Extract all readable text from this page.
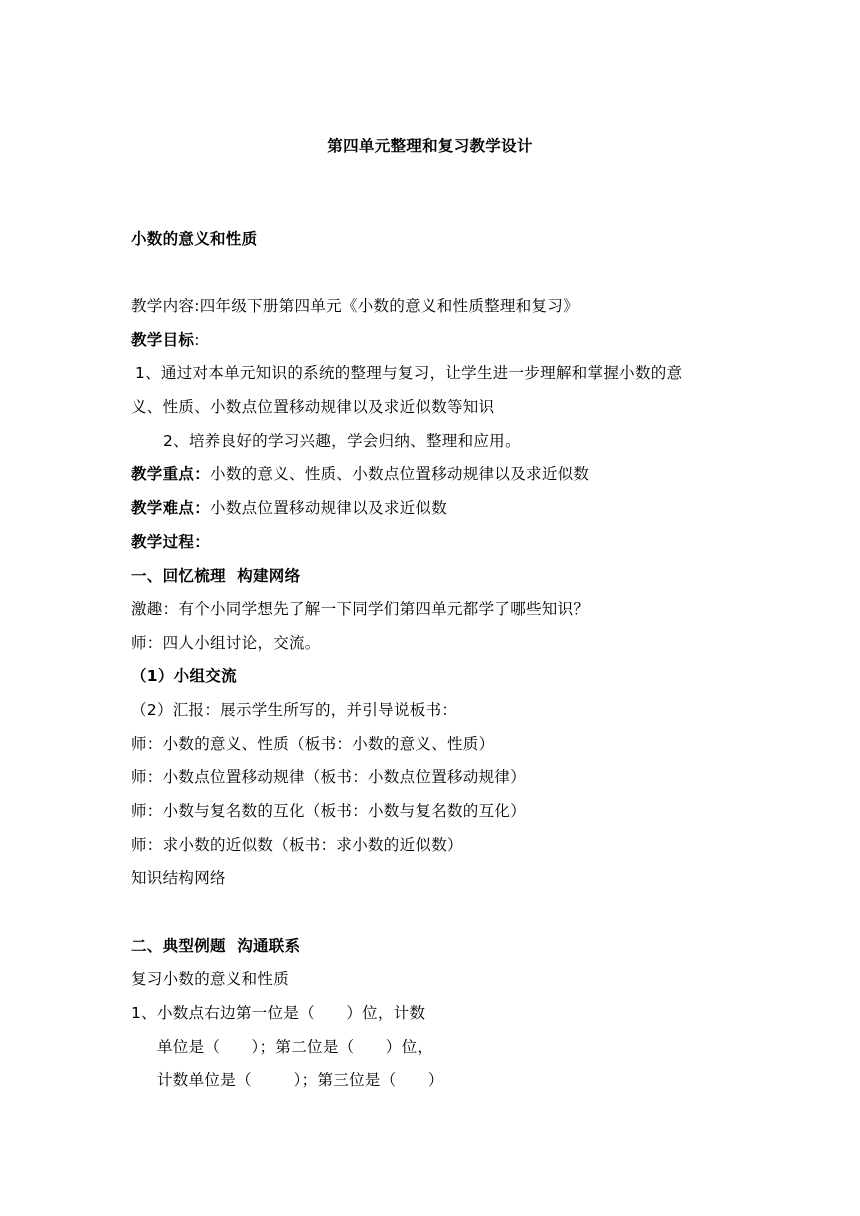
第四单元整理和复习教学设计
小数的意义和性质
教学内容:四年级下册第四单元《小数的意义和性质整理和复习》
教学目标:
1、通过对本单元知识的系统的整理与复习，让学生进一步理解和掌握小数的意
义、性质、小数点位置移动规律以及求近似数等知识
2、培养良好的学习兴趣，学会归纳、整理和应用。
教学重点：小数的意义、性质、小数点位置移动规律以及求近似数
教学难点：小数点位置移动规律以及求近似数
教学过程：
一、回忆梳理  构建网络
激趣：有个小同学想先了解一下同学们第四单元都学了哪些知识？
师：四人小组讨论，交流。
（1）小组交流
（2）汇报：展示学生所写的，并引导说板书：
师：小数的意义、性质（板书：小数的意义、性质）
师：小数点位置移动规律（板书：小数点位置移动规律）
师：小数与复名数的互化（板书：小数与复名数的互化）
师：求小数的近似数（板书：求小数的近似数）
知识结构网络
二、典型例题  沟通联系
复习小数的意义和性质
1、小数点右边第一位是（      ）位，计数
单位是（      ）；第二位是（      ）位，
计数单位是（        ）；第三位是（      ）
